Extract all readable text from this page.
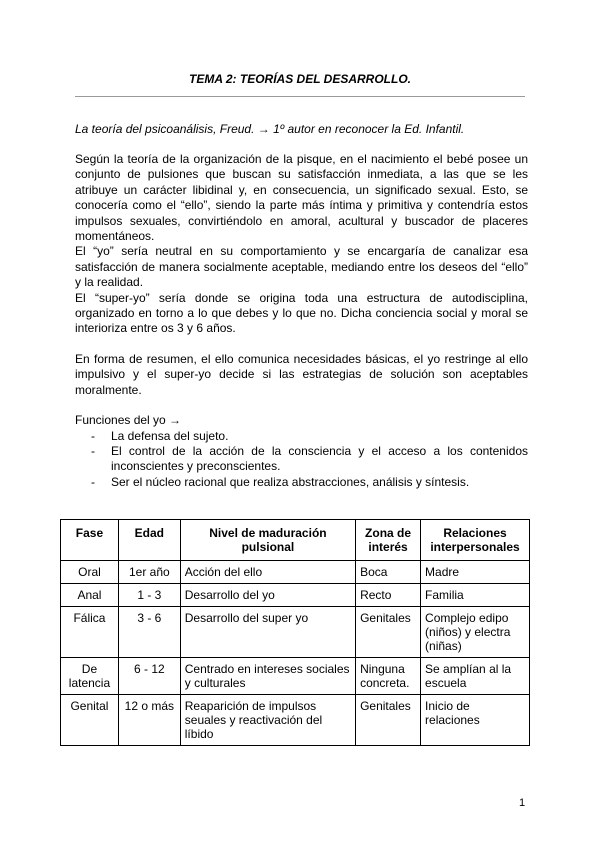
TEMA 2: TEORÍAS DEL DESARROLLO.
La teoría del psicoanálisis, Freud. → 1º autor en reconocer la Ed. Infantil.

Según la teoría de la organización de la pisque, en el nacimiento el bebé posee un conjunto de pulsiones que buscan su satisfacción inmediata, a las que se les atribuye un carácter libidinal y, en consecuencia, un significado sexual. Esto, se conocería como el “ello”, siendo la parte más íntima y primitiva y contendría estos impulsos sexuales, convirtiéndolo en amoral, acultural y buscador de placeres momentáneos.

El “yo” sería neutral en su comportamiento y se encargaría de canalizar esa satisfacción de manera socialmente aceptable, mediando entre los deseos del “ello” y la realidad.

El “super-yo” sería donde se origina toda una estructura de autodisciplina, organizado en torno a lo que debes y lo que no. Dicha conciencia social y moral se interioriza entre os 3 y 6 años.

En forma de resumen, el ello comunica necesidades básicas, el yo restringe al ello impulsivo y el super-yo decide si las estrategias de solución son aceptables moralmente.

Funciones del yo →

- La defensa del sujeto.
- El control de la acción de la consciencia y el acceso a los contenidos inconscientes y preconscientes.
- Ser el núcleo racional que realiza abstracciones, análisis y síntesis.
Fase	Edad	Nivel de maduración pulsional	Zona de interés	Relaciones interpersonales
Oral	1er año	Acción del ello	Boca	Madre
Anal	1 - 3	Desarrollo del yo	Recto	Familia
Fálica	3 - 6	Desarrollo del super yo	Genitales	Complejo edipo (niños) y electra (niñas)
De latencia	6 - 12	Centrado en intereses sociales y culturales	Ninguna concreta.	Se amplían al la escuela
Genital	12 o más	Reaparición de impulsos seuales y reactivación del líbido	Genitales	Inicio de relaciones
1
